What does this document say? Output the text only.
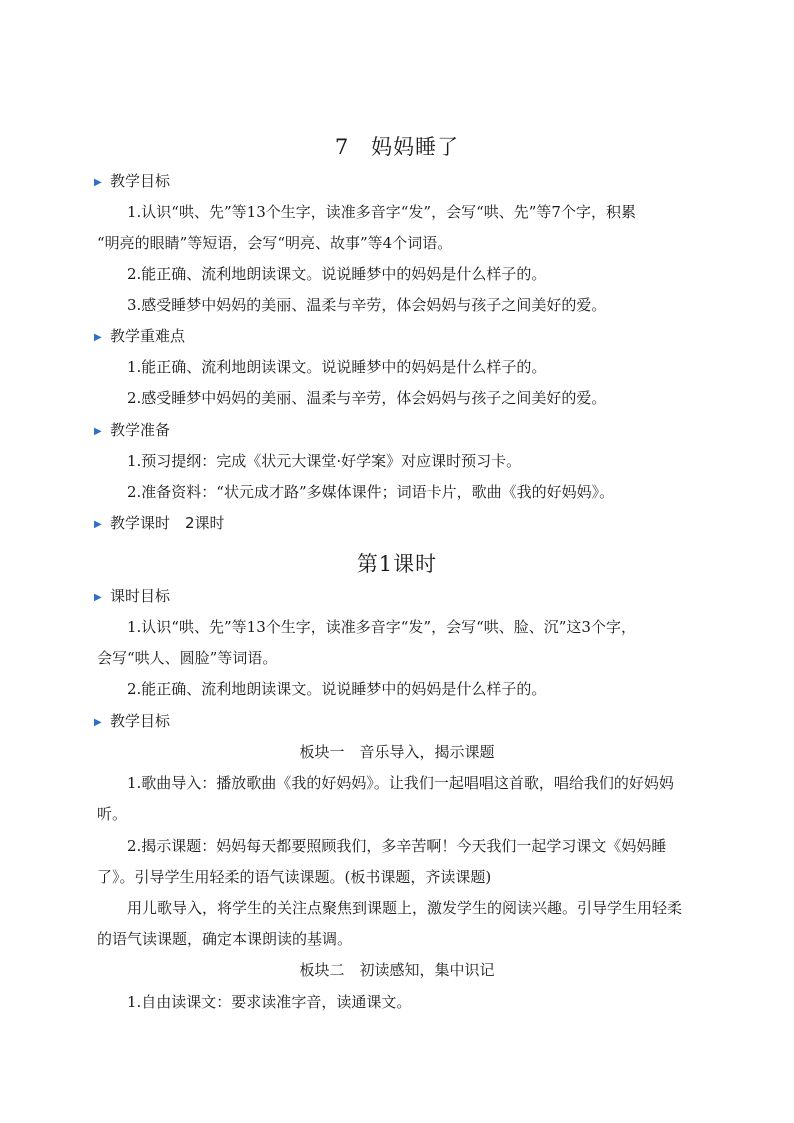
7　妈妈睡了
▶ 教学目标
1.认识“哄、先”等13个生字，读准多音字“发”，会写“哄、先”等7个字，积累
“明亮的眼睛”等短语，会写“明亮、故事”等4个词语。
2.能正确、流利地朗读课文。说说睡梦中的妈妈是什么样子的。
3.感受睡梦中妈妈的美丽、温柔与辛劳，体会妈妈与孩子之间美好的爱。
▶ 教学重难点
1.能正确、流利地朗读课文。说说睡梦中的妈妈是什么样子的。
2.感受睡梦中妈妈的美丽、温柔与辛劳，体会妈妈与孩子之间美好的爱。
▶ 教学准备
1.预习提纲：完成《状元大课堂·好学案》对应课时预习卡。
2.准备资料：“状元成才路”多媒体课件；词语卡片，歌曲《我的好妈妈》。
▶ 教学课时　2课时
第1课时
▶ 课时目标
1.认识“哄、先”等13个生字，读准多音字“发”，会写“哄、脸、沉”这3个字，
会写“哄人、圆脸”等词语。
2.能正确、流利地朗读课文。说说睡梦中的妈妈是什么样子的。
▶ 教学目标
板块一　音乐导入，揭示课题
1.歌曲导入：播放歌曲《我的好妈妈》。让我们一起唱唱这首歌，唱给我们的好妈妈
听。
2.揭示课题：妈妈每天都要照顾我们，多辛苦啊！今天我们一起学习课文《妈妈睡
了》。引导学生用轻柔的语气读课题。(板书课题，齐读课题)
用儿歌导入，将学生的关注点聚焦到课题上，激发学生的阅读兴趣。引导学生用轻柔
的语气读课题，确定本课朗读的基调。
板块二　初读感知，集中识记
1.自由读课文：要求读准字音，读通课文。
